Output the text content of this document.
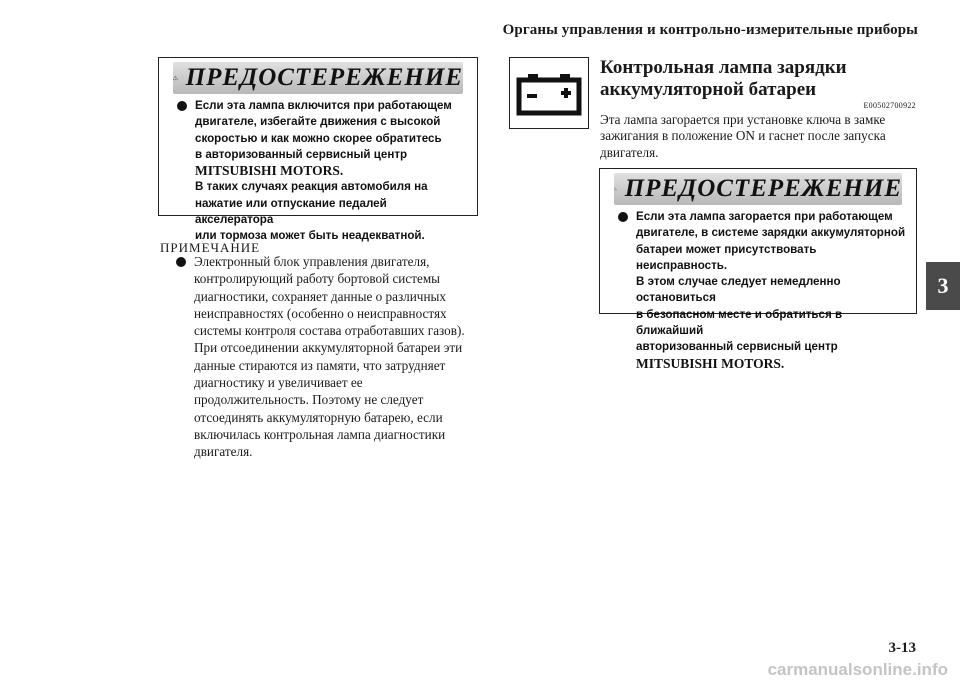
Органы управления и контрольно-измерительные приборы
ПРЕДОСТЕРЕЖЕНИЕ

Если эта лампа включится при работающем

двигателе, избегайте движения с высокой

скоростью и как можно скорее обратитесь

в авторизованный сервисный центр

MITSUBISHI MOTORS.

В таких случаях реакция автомобиля на

нажатие или отпускание педалей акселератора

или тормоза может быть неадекватной.

ПРИМЕЧАНИЕ
Электронный блок управления двигателя,
контролирующий работу бортовой системы
диагностики, сохраняет данные о различных
неисправностях (особенно о неисправностях
системы контроля состава отработавших газов).
При отсоединении аккумуляторной батареи эти
данные стираются из памяти, что затрудняет
диагностику и увеличивает ее
продолжительность. Поэтому не следует
отсоединять аккумуляторную батарею, если
включилась контрольная лампа диагностики
двигателя.
Контрольная лампа зарядки
аккумуляторной батареи
E00502700922
Эта лампа загорается при установке ключа в замке
зажигания в положение ON и гаснет после запуска
двигателя.
ПРЕДОСТЕРЕЖЕНИЕ

Если эта лампа загорается при работающем

двигателе, в системе зарядки аккумуляторной

батареи может присутствовать неисправность.

В этом случае следует немедленно остановиться

в безопасном месте и обратиться в ближайший

авторизованный сервисный центр

MITSUBISHI MOTORS.

3
3-13
carmanualsonline.info
